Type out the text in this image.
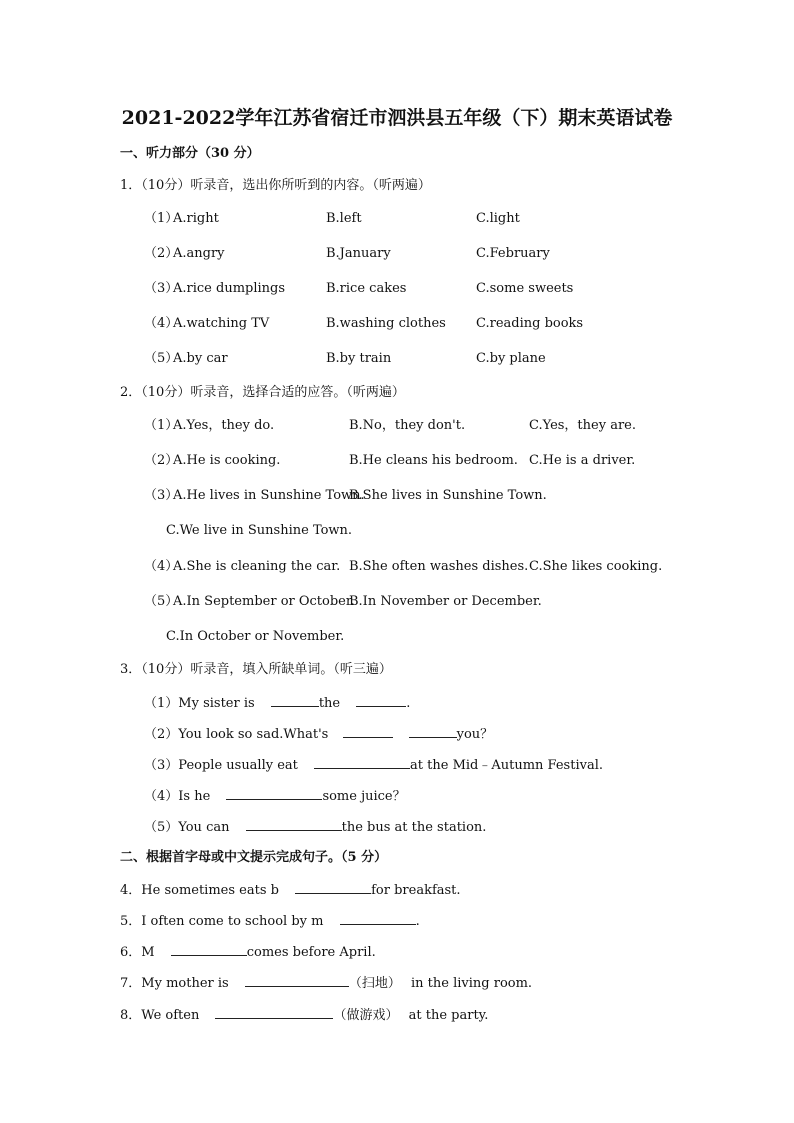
2021-2022学年江苏省宿迁市泗洪县五年级（下）期末英语试卷
一、听力部分（30 分）
1．（10分）听录音，选出你所听到的内容。（听两遍）
（1）
A.right	B.left	C.light
（2）
A.angry	B.January	C.February
（3）
A.rice dumplings	B.rice cakes	C.some sweets
（4）
A.watching TV	B.washing clothes C.reading books
（5）
A.by car	B.by train	C.by plane
2．（10分）听录音，选择合适的应答。（听两遍）
（1）
A.Yes，they do.	B.No，they don't.	C.Yes，they are.
（2）
A.He is cooking.	B.He cleans his bedroom. C.He is a driver.
（3）
A.He lives in Sunshine Town.
B.She lives in Sunshine Town.
C.We live in Sunshine Town.
（4）
A.She is cleaning the car. B.She often washes dishes. C.She likes cooking.
（5）
A.In September or October.
B.In November or December.
C.In October or November.
3．（10分）听录音，填入所缺单词。（听三遍）
（1）My sister is	the	.
（2）You look so sad.What's	you？
（3）People usually eat	at the Mid﹣Autumn Festival.
（4）Is he	some juice？
（5）You can	the bus at the station.
二、根据首字母或中文提示完成句子。（5 分）
4．He sometimes eats b	for breakfast.
5．I often come to school by m	.
6．M	comes before April.
7．My mother is	（扫地） in the living room.
8．We often	（做游戏） at the party.
